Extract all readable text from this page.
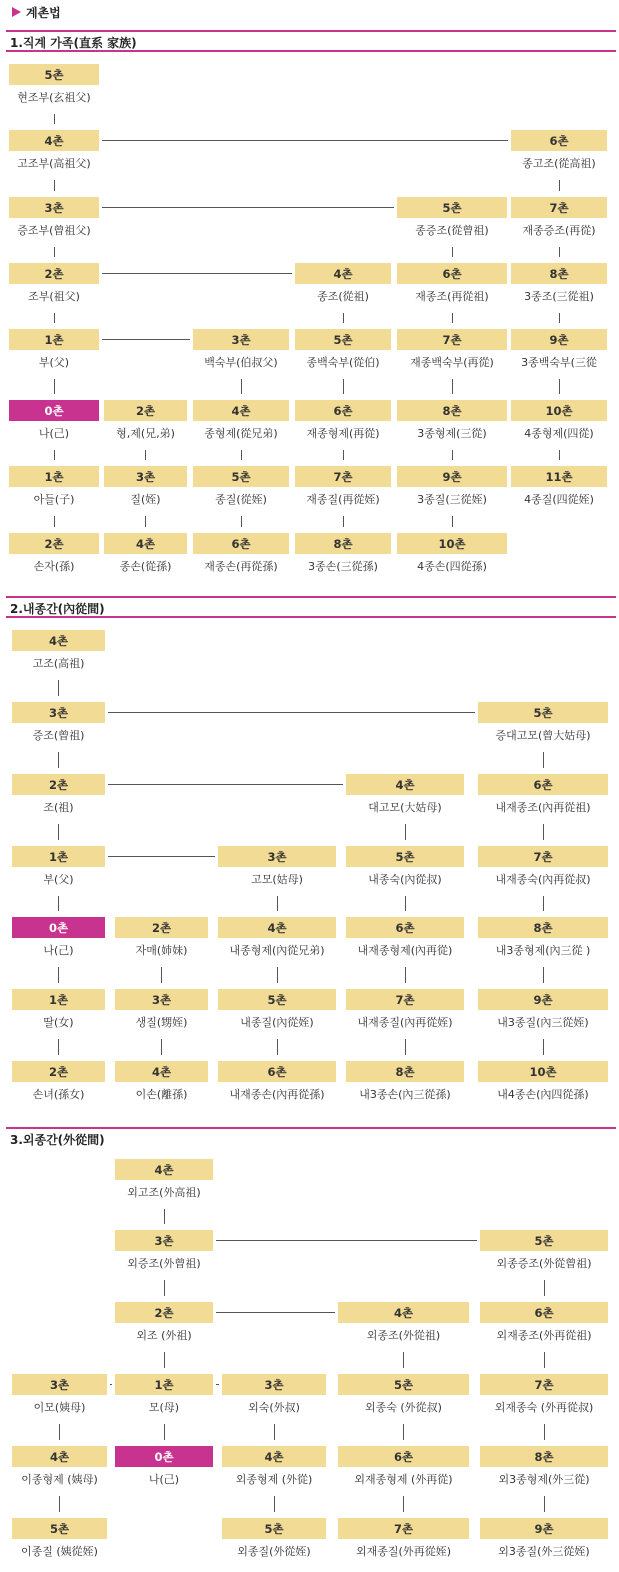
계촌법
1.직계 가족(直系 家族)
5촌
현조부(玄祖父)
4촌
고조부(高祖父)
6촌
종고조(從高祖)
3촌
증조부(曾祖父)
5촌
종증조(從曾祖)
7촌
재종증조(再從)
2촌
조부(祖父)
4촌
종조(從祖)
6촌
재종조(再從祖)
8촌
3종조(三從祖)
1촌
부(父)
3촌
백숙부(伯叔父)
5촌
종백숙부(從伯)
7촌
재종백숙부(再從)
9촌
3종백숙부(三從
0촌
나(己)
2촌
형,제(兄,弟)
4촌
종형제(從兄弟)
6촌
재종형제(再從)
8촌
3종형제(三從)
10촌
4종형제(四從)
1촌
아들(子)
3촌
질(姪)
5촌
종질(從姪)
7촌
재종질(再從姪)
9촌
3종질(三從姪)
11촌
4종질(四從姪)
2촌
손자(孫)
4촌
종손(從孫)
6촌
재종손(再從孫)
8촌
3종손(三從孫)
10촌
4종손(四從孫)
2.내종간(內從間)
4촌
고조(高祖)
3촌
증조(曾祖)
5촌
증대고모(曾大姑母)
2촌
조(祖)
4촌
대고모(大姑母)
6촌
내재종조(內再從祖)
1촌
부(父)
3촌
고모(姑母)
5촌
내종숙(內從叔)
7촌
내재종숙(內再從叔)
0촌
나(己)
2촌
자매(姉妹)
4촌
내종형제(內從兄弟)
6촌
내재종형제(內再從)
8촌
내3종형제(內三從 )
1촌
딸(女)
3촌
생질(甥姪)
5촌
내종질(內從姪)
7촌
내재종질(內再從姪)
9촌
내3종질(內三從姪)
2촌
손녀(孫女)
4촌
이손(離孫)
6촌
내재종손(內再從孫)
8촌
내3종손(內三從孫)
10촌
내4종손(內四從孫)
3.외종간(外從間)
4촌
외고조(外高祖)
3촌
외증조(外曾祖)
5촌
외종증조(外從曾祖)
2촌
외조 (外祖)
4촌
외종조(外從祖)
6촌
외재종조(外再從祖)
3촌
이모(姨母)
1촌
모(母)
3촌
외숙(外叔)
5촌
외종숙 (外從叔)
7촌
외재종숙 (外再從叔)
4촌
이종형제 (姨母)
0촌
나(己)
4촌
외종형제 (外從)
6촌
외재종형제 (外再從)
8촌
외3종형제(外三從)
5촌
이종질 (姨從姪)
5촌
외종질(外從姪)
7촌
외재종질(外再從姪)
9촌
외3종질(外三從姪)
